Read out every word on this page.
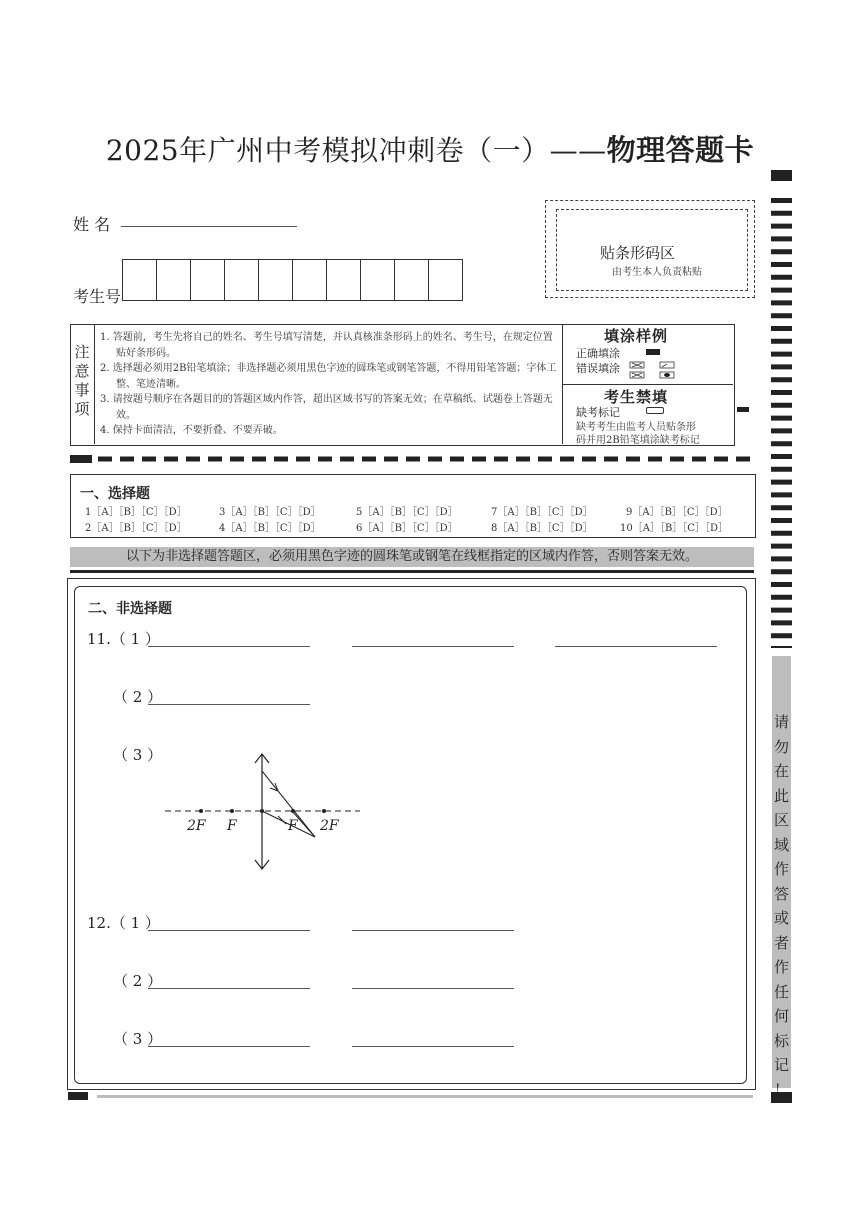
2025年广州中考模拟冲刺卷（一）——物理答题卡
姓 名
考生号
贴条形码区
由考生本人负责粘贴
注
意
事
项
1. 答题前，考生先将自己的姓名、考生号填写清楚，并认真核准条形码上的姓名、考生号，在规定位置贴好条形码。
2. 选择题必须用2B铅笔填涂；非选择题必须用黑色字迹的圆珠笔或钢笔答题，不得用铅笔答题；字体工整、笔迹清晰。
3. 请按题号顺序在各题目的的答题区域内作答，超出区域书写的答案无效；在草稿纸、试题卷上答题无效。
4. 保持卡面清洁，不要折叠、不要弄破。
填涂样例
正确填涂
错误填涂
考生禁填
缺考标记
缺考考生由监考人员贴条形
码并用2B铅笔填涂缺考标记
一、选择题
1［A］［B］［C］［D］	3［A］［B］［C］［D］	5［A］［B］［C］［D］	7［A］［B］［C］［D］	9［A］［B］［C］［D］
2［A］［B］［C］［D］	4［A］［B］［C］［D］	6［A］［B］［C］［D］	8［A］［B］［C］［D］	10［A］［B］［C］［D］
以下为非选择题答题区，必须用黑色字迹的圆珠笔或钢笔在线框指定的区域内作答，否则答案无效。
二、非选择题
11.（ 1 ）
（ 2 ）
（ 3 ）
2F F	F 2F
12.（ 1 ）
（ 2 ）
（ 3 ）
请
勿
在
此
区
域
作
答
或
者
作
任
何
标
记
！
